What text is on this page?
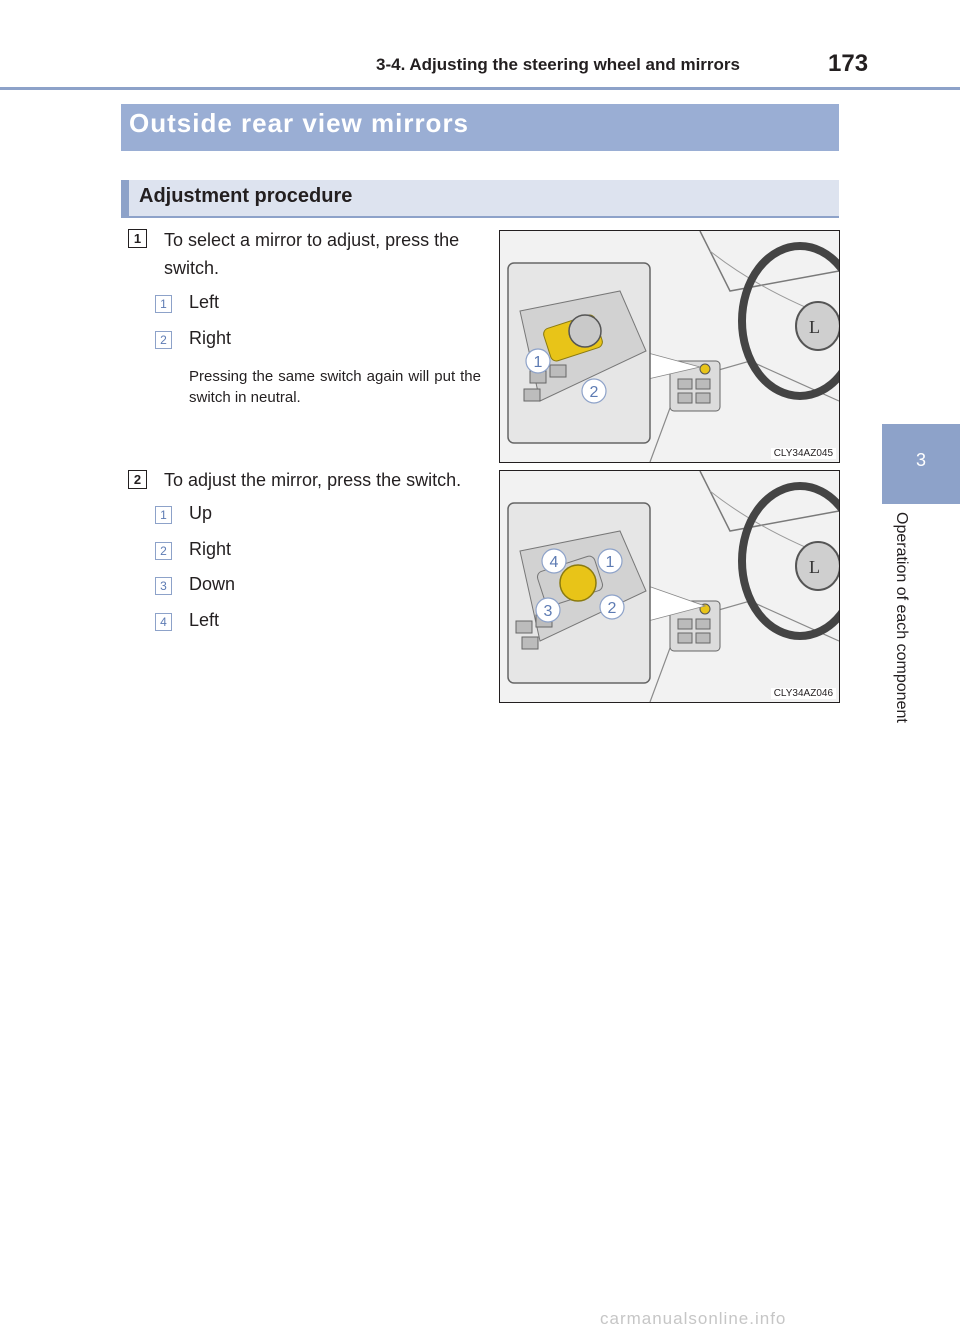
3-4. Adjusting the steering wheel and mirrors	173
3
Operation of each component
Outside rear view mirrors
Adjustment procedure
1	To select a mirror to adjust, press the
switch.
1 Left
2 Right
Pressing the same switch again will put the switch in neutral.
L
1
2
CLY34AZ045
2	To adjust the mirror, press the switch.
1 Up
2 Right
3 Down
4 Left
L
4	1
3	2
CLY34AZ046
carmanualsonline.info
